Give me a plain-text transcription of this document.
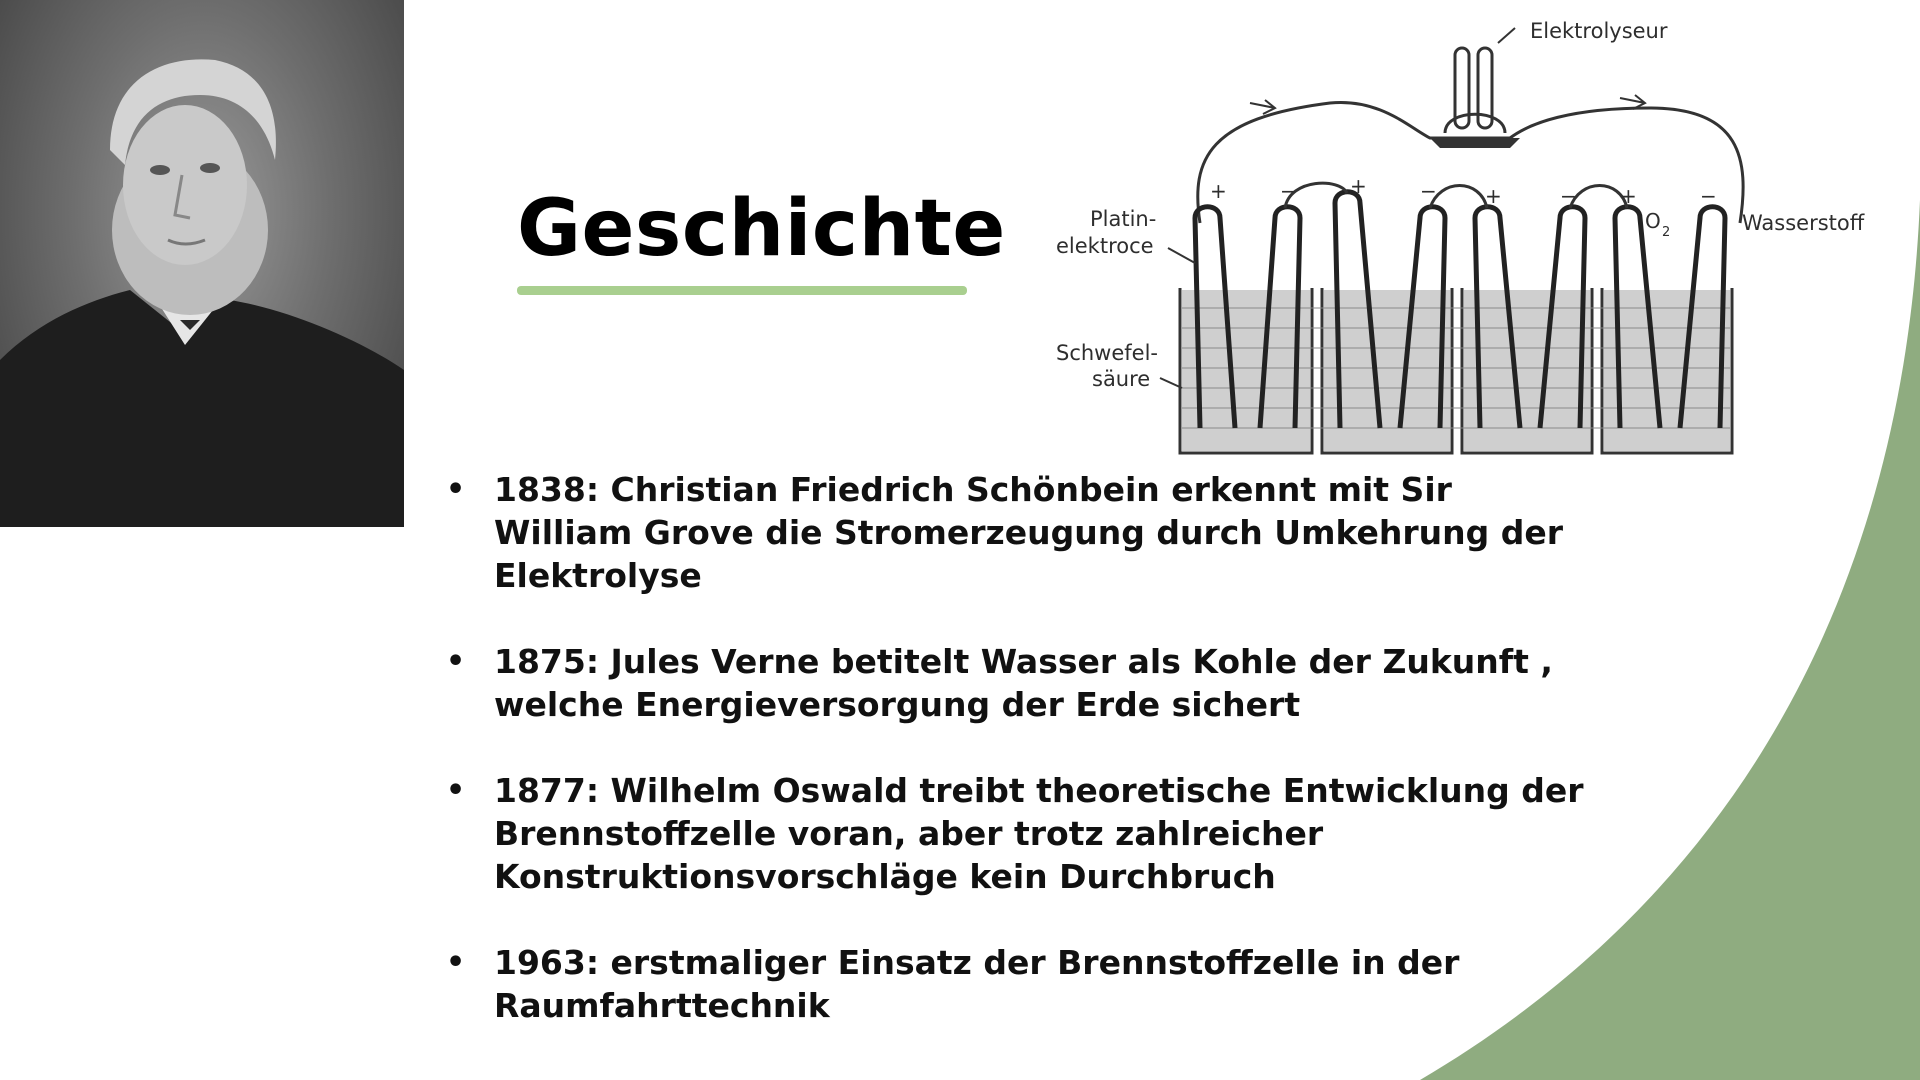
Geschichte	+	−	+	− +	− +	−
Elektrolyseur
Platin-
elektroce
Schwefel-
säure
O 2	Wasserstoff
• 1838: Christian Friedrich Schönbein erkennt mit Sir William Grove die Stromerzeugung durch Umkehrung der Elektrolyse
• 1875: Jules Verne betitelt Wasser als Kohle der Zukunft , welche Energieversorgung der Erde sichert
• 1877: Wilhelm Oswald treibt theoretische Entwicklung der Brennstoffzelle voran, aber trotz zahlreicher Konstruktionsvorschläge kein Durchbruch
• 1963: erstmaliger Einsatz der Brennstoffzelle in der Raumfahrttechnik
